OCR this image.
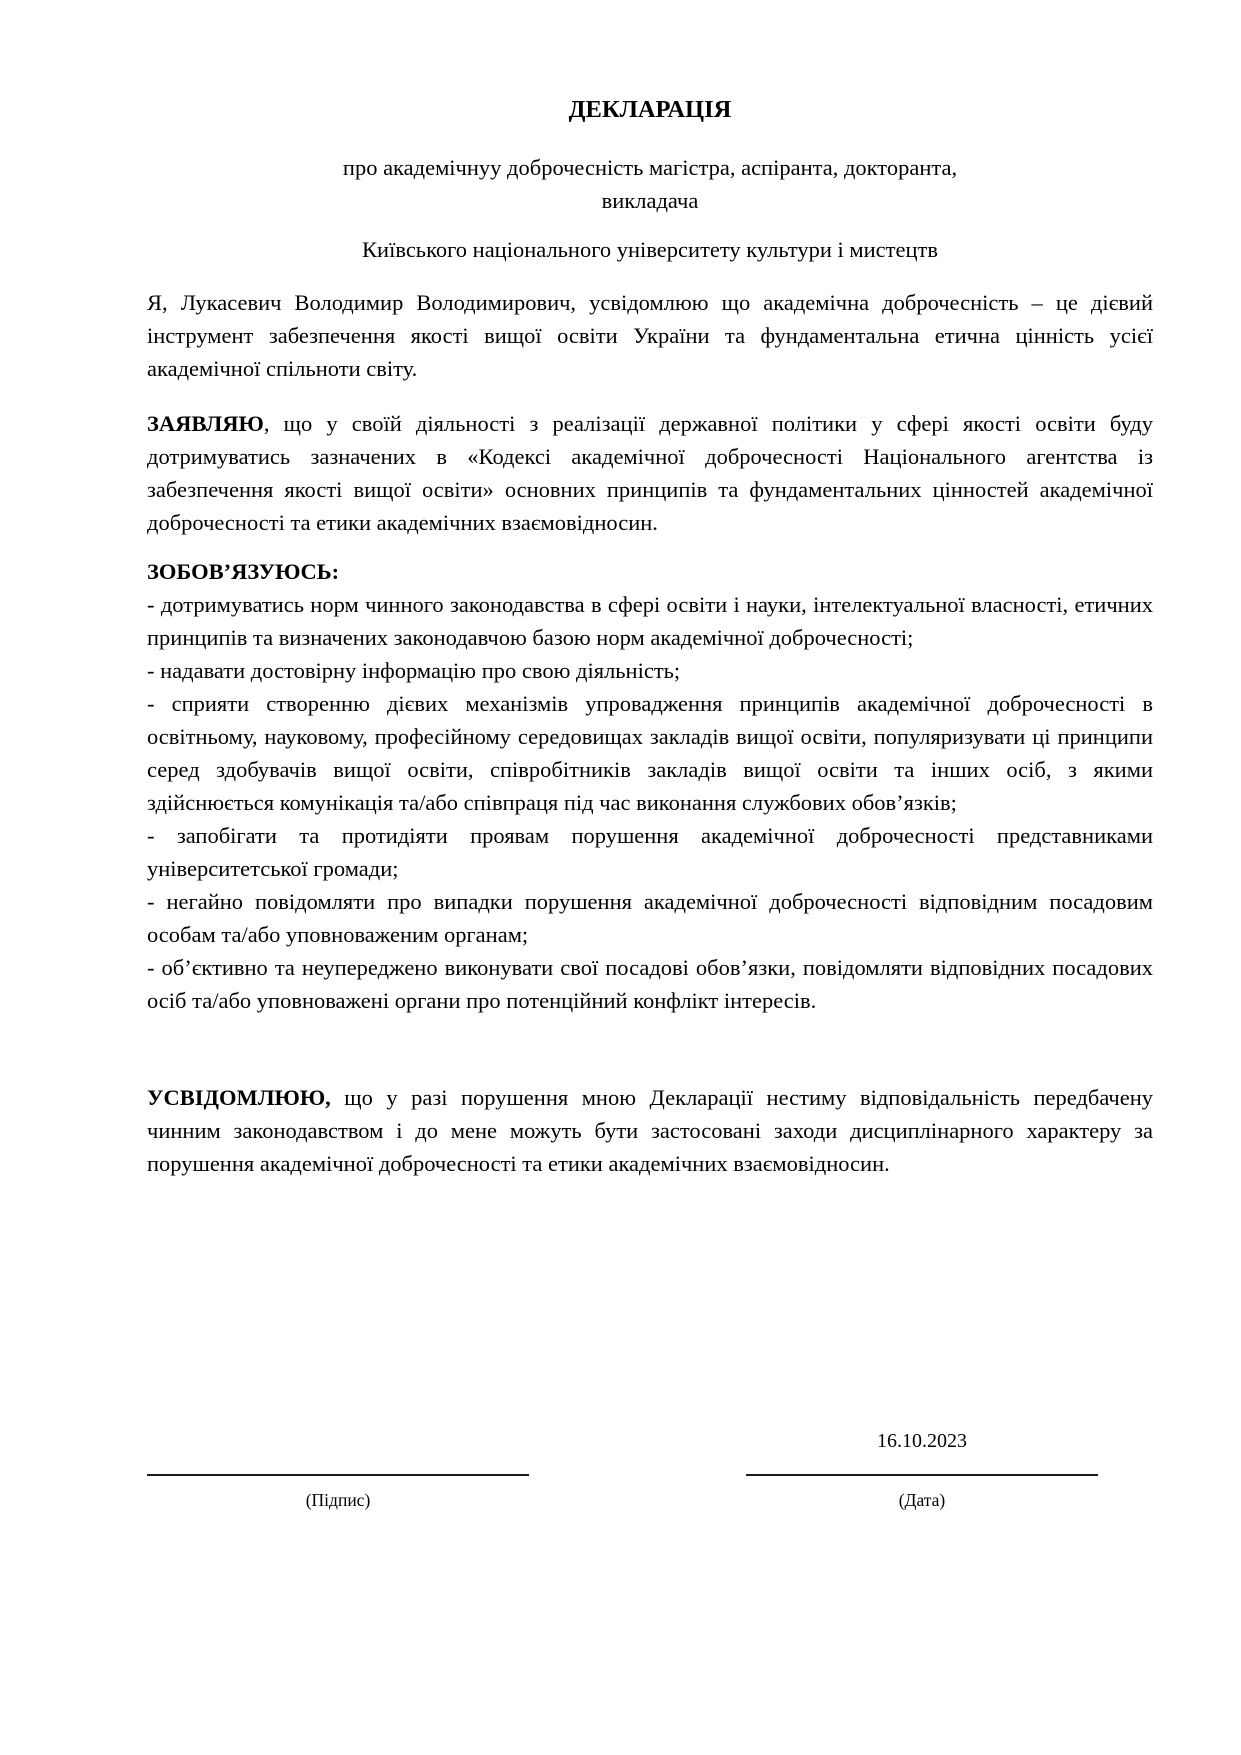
ДЕКЛАРАЦІЯ

про академічнуу доброчесність магістра, аспіранта, докторанта,

викладача

Київського національного університету культури і мистецтв

Я, Лукасевич Володимир Володимирович, усвідомлюю що академічна доброчесність – це дієвий інструмент забезпечення якості вищої освіти України та фундаментальна етична цінність усієї академічної спільноти світу.

ЗАЯВЛЯЮ, що у своїй діяльності з реалізації державної політики у сфері якості освіти буду дотримуватись зазначених в «Кодексі академічної доброчесності Національного агентства із забезпечення якості вищої освіти» основних принципів та фундаментальних цінностей академічної доброчесності та етики академічних взаємовідносин.

ЗОБОВ’ЯЗУЮСЬ:

- дотримуватись норм чинного законодавства в сфері освіти і науки, інтелектуальної власності, етичних принципів та визначених законодавчою базою норм академічної доброчесності;

- надавати достовірну інформацію про свою діяльність;

- сприяти створенню дієвих механізмів упровадження принципів академічної доброчесності в освітньому, науковому, професійному середовищах закладів вищої освіти, популяризувати ці принципи серед здобувачів вищої освіти, співробітників закладів вищої освіти та інших осіб, з якими здійснюється комунікація та/або співпраця під час виконання службових обов’язків;

- запобігати та протидіяти проявам порушення академічної доброчесності представниками університетської громади;

- негайно повідомляти про випадки порушення академічної доброчесності відповідним посадовим особам та/або уповноваженим органам;

- об’єктивно та неупереджено виконувати свої посадові обов’язки, повідомляти відповідних посадових осіб та/або уповноважені органи про потенційний конфлікт інтересів.

УСВІДОМЛЮЮ, що у разі порушення мною Декларації нестиму відповідальність передбачену чинним законодавством і до мене можуть бути застосовані заходи дисциплінарного характеру за порушення академічної доброчесності та етики академічних взаємовідносин.

(Підпис)
16.10.2023
(Дата)
